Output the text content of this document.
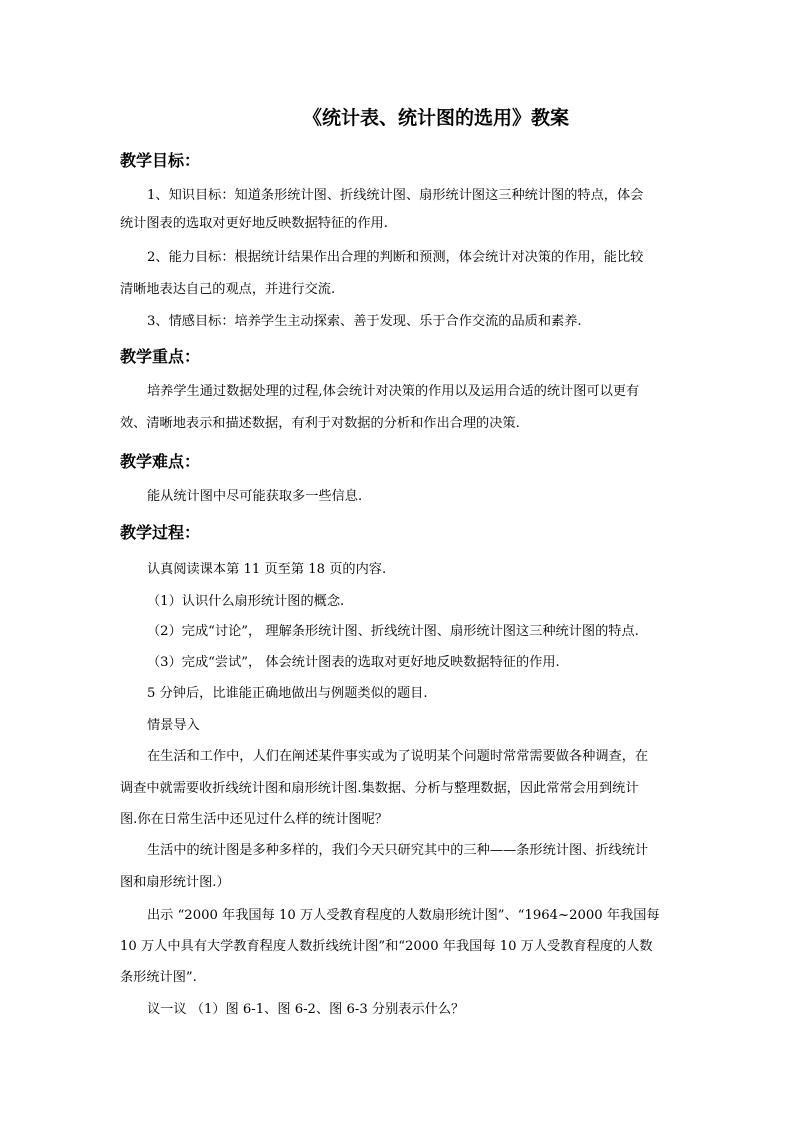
《统计表、统计图的选用》教案
教学目标：
1、知识目标：知道条形统计图、折线统计图、扇形统计图这三种统计图的特点，体会
统计图表的选取对更好地反映数据特征的作用.
2、能力目标：根据统计结果作出合理的判断和预测，体会统计对决策的作用，能比较
清晰地表达自己的观点，并进行交流.
3、情感目标：培养学生主动探索、善于发现、乐于合作交流的品质和素养.
教学重点：
培养学生通过数据处理的过程,体会统计对决策的作用以及运用合适的统计图可以更有
效、清晰地表示和描述数据，有利于对数据的分析和作出合理的决策.
教学难点：
能从统计图中尽可能获取多一些信息.
教学过程：
认真阅读课本第 11 页至第 18 页的内容.
（1）认识什么扇形统计图的概念.
（2）完成“讨论”， 理解条形统计图、折线统计图、扇形统计图这三种统计图的特点.
（3）完成“尝试”， 体会统计图表的选取对更好地反映数据特征的作用.
5 分钟后，比谁能正确地做出与例题类似的题目.
情景导入
在生活和工作中，人们在阐述某件事实或为了说明某个问题时常常需要做各种调查，在
调查中就需要收折线统计图和扇形统计图.集数据、分析与整理数据，因此常常会用到统计
图.你在日常生活中还见过什么样的统计图呢？
生活中的统计图是多种多样的，我们今天只研究其中的三种——条形统计图、折线统计
图和扇形统计图.）
出示 “2000 年我国每 10 万人受教育程度的人数扇形统计图”、“1964~2000 年我国每
10 万人中具有大学教育程度人数折线统计图”和“2000 年我国每 10 万人受教育程度的人数
条形统计图”.
议一议 （1）图 6-1、图 6-2、图 6-3 分别表示什么？
